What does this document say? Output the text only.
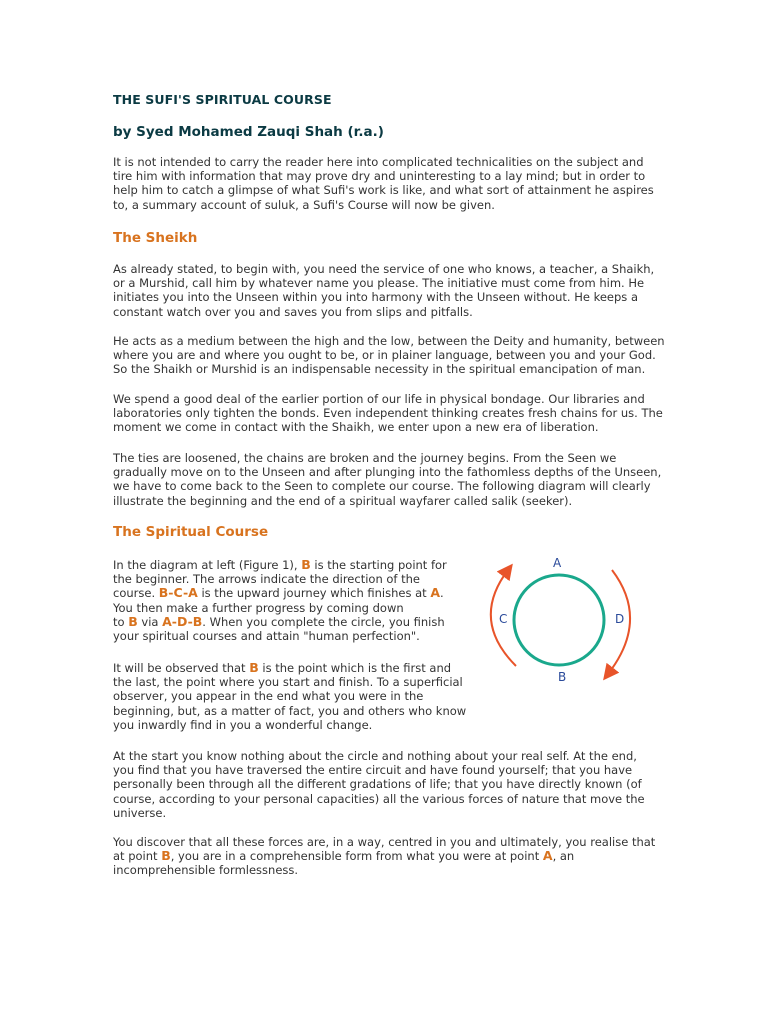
THE SUFI'S SPIRITUAL COURSE
by Syed Mohamed Zauqi Shah (r.a.)

It is not intended to carry the reader here into complicated technicalities on the subject and
tire him with information that may prove dry and uninteresting to a lay mind; but in order to
help him to catch a glimpse of what Sufi's work is like, and what sort of attainment he aspires
to, a summary account of suluk, a Sufi's Course will now be given.

The Sheikh

As already stated, to begin with, you need the service of one who knows, a teacher, a Shaikh,
or a Murshid, call him by whatever name you please. The initiative must come from him. He
initiates you into the Unseen within you into harmony with the Unseen without. He keeps a
constant watch over you and saves you from slips and pitfalls.

He acts as a medium between the high and the low, between the Deity and humanity, between
where you are and where you ought to be, or in plainer language, between you and your God.
So the Shaikh or Murshid is an indispensable necessity in the spiritual emancipation of man.

We spend a good deal of the earlier portion of our life in physical bondage. Our libraries and
laboratories only tighten the bonds. Even independent thinking creates fresh chains for us. The
moment we come in contact with the Shaikh, we enter upon a new era of liberation.

The ties are loosened, the chains are broken and the journey begins. From the Seen we
gradually move on to the Unseen and after plunging into the fathomless depths of the Unseen,
we have to come back to the Seen to complete our course. The following diagram will clearly
illustrate the beginning and the end of a spiritual wayfarer called salik (seeker).

The Spiritual Course

In the diagram at left (Figure 1), B is the starting point for
the beginner. The arrows indicate the direction of the
course. B-C-A is the upward journey which finishes at A.
You then make a further progress by coming down
to B via A-D-B. When you complete the circle, you finish
your spiritual courses and attain "human perfection".

It will be observed that B is the point which is the first and
the last, the point where you start and finish. To a superficial
observer, you appear in the end what you were in the
beginning, but, as a matter of fact, you and others who know
you inwardly find in you a wonderful change.

At the start you know nothing about the circle and nothing about your real self. At the end,
you find that you have traversed the entire circuit and have found yourself; that you have
personally been through all the different gradations of life; that you have directly known (of
course, according to your personal capacities) all the various forces of nature that move the
universe.

You discover that all these forces are, in a way, centred in you and ultimately, you realise that
at point B, you are in a comprehensible form from what you were at point A, an
incomprehensible formlessness.

A
C	D
B
